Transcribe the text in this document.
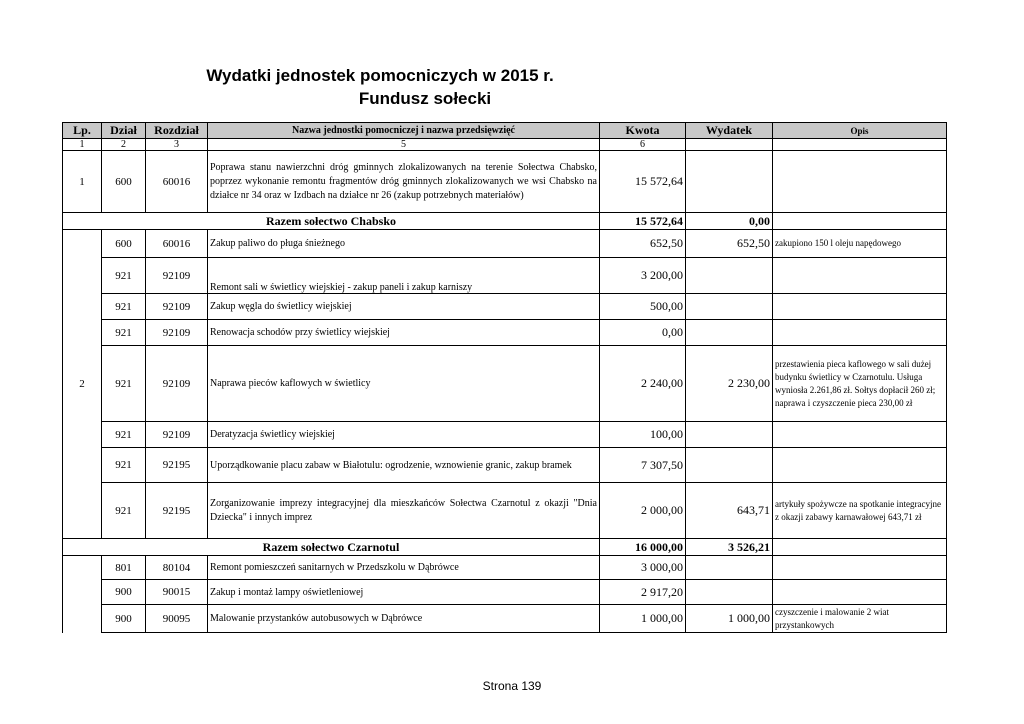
Wydatki jednostek pomocniczych w 2015 r.
Fundusz sołecki
Lp.	Dział	Rozdział	Nazwa jednostki pomocniczej i nazwa przedsięwzięć	Kwota	Wydatek	Opis
1	2	3	5	6		
1	600	60016	Poprawa stanu nawierzchni dróg gminnych zlokalizowanych na terenie Sołectwa Chabsko, poprzez wykonanie remontu fragmentów dróg gminnych zlokalizowanych we wsi Chabsko na działce nr 34 oraz w Izdbach na działce nr 26 (zakup potrzebnych materiałów)	15 572,64		
Razem sołectwo Chabsko				15 572,64	0,00	
2	600	60016	Zakup paliwo do pługa śnieżnego	652,50	652,50	zakupiono 150 l oleju napędowego
	921	92109	Remont sali w świetlicy wiejskiej - zakup paneli i zakup karniszy	3 200,00		
	921	92109	Zakup węgla do świetlicy wiejskiej	500,00		
	921	92109	Renowacja schodów przy świetlicy wiejskiej	0,00		
	921	92109	Naprawa pieców kaflowych w świetlicy	2 240,00	2 230,00	przestawienia pieca kaflowego w sali dużej budynku świetlicy w Czarnotulu. Usługa wyniosła 2.261,86 zł. Sołtys dopłacił 260 zł; naprawa i czyszczenie pieca 230,00 zł
	921	92109	Deratyzacja świetlicy wiejskiej	100,00		
	921	92195	Uporządkowanie placu zabaw w Białotulu: ogrodzenie, wznowienie granic, zakup bramek	7 307,50		
	921	92195	Zorganizowanie imprezy integracyjnej dla mieszkańców Sołectwa Czarnotul z okazji "Dnia Dziecka" i innych imprez	2 000,00	643,71	artykuły spożywcze na spotkanie integracyjne z okazji zabawy karnawałowej 643,71 zł
Razem sołectwo Czarnotul				16 000,00	3 526,21	
	801	80104	Remont pomieszczeń sanitarnych w Przedszkolu w Dąbrówce	3 000,00		
	900	90015	Zakup i montaż lampy oświetleniowej	2 917,20		
	900	90095	Malowanie przystanków autobusowych w Dąbrówce	1 000,00	1 000,00	czyszczenie i malowanie 2 wiat przystankowych
Strona 139
